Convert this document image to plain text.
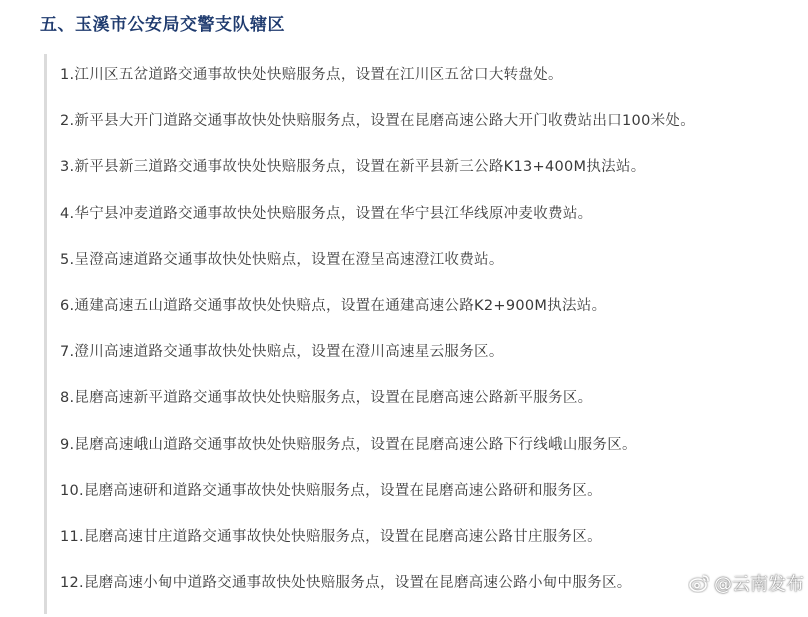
五、玉溪市公安局交警支队辖区
1.江川区五岔道路交通事故快处快赔服务点，设置在江川区五岔口大转盘处。
2.新平县大开门道路交通事故快处快赔服务点，设置在昆磨高速公路大开门收费站出口100米处。
3.新平县新三道路交通事故快处快赔服务点，设置在新平县新三公路K13+400M执法站。
4.华宁县冲麦道路交通事故快处快赔服务点，设置在华宁县江华线原冲麦收费站。
5.呈澄高速道路交通事故快处快赔点，设置在澄呈高速澄江收费站。
6.通建高速五山道路交通事故快处快赔点，设置在通建高速公路K2+900M执法站。
7.澄川高速道路交通事故快处快赔点，设置在澄川高速星云服务区。
8.昆磨高速新平道路交通事故快处快赔服务点，设置在昆磨高速公路新平服务区。
9.昆磨高速峨山道路交通事故快处快赔服务点，设置在昆磨高速公路下行线峨山服务区。
10.昆磨高速研和道路交通事故快处快赔服务点，设置在昆磨高速公路研和服务区。
11.昆磨高速甘庄道路交通事故快处快赔服务点，设置在昆磨高速公路甘庄服务区。
12.昆磨高速小甸中道路交通事故快处快赔服务点，设置在昆磨高速公路小甸中服务区。	@云南发布
